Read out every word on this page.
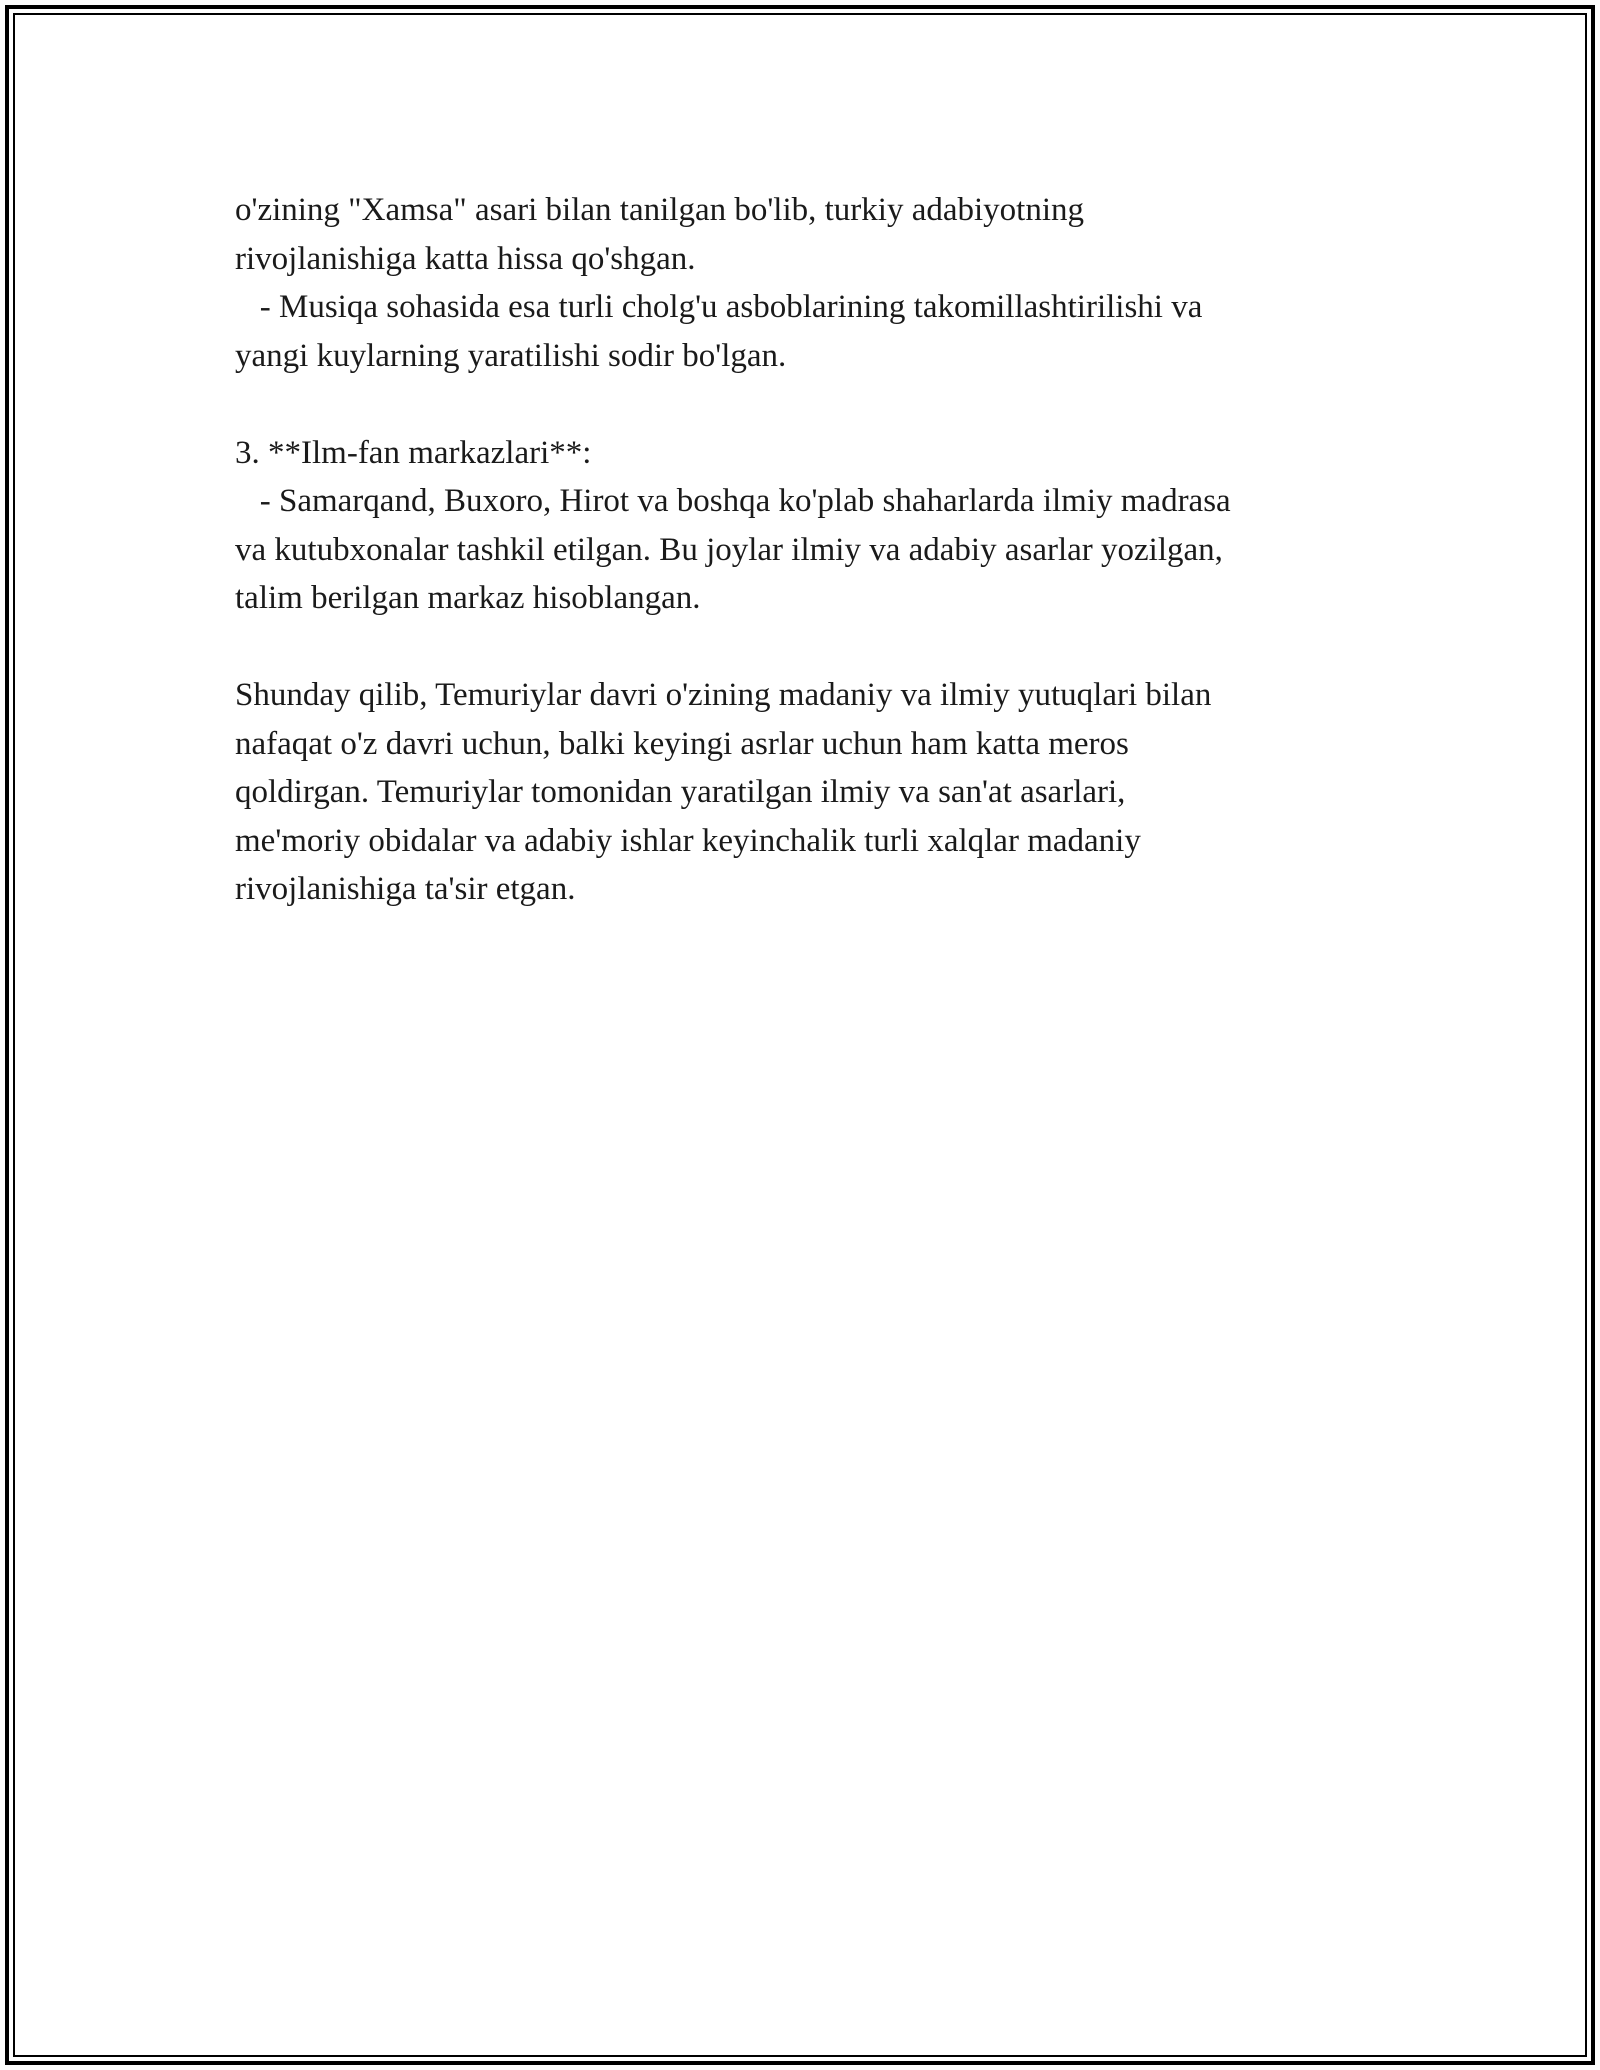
o'zining "Xamsa" asari bilan tanilgan bo'lib, turkiy adabiyotning

rivojlanishiga katta hissa qo'shgan.

- Musiqa sohasida esa turli cholg'u asboblarining takomillashtirilishi va

yangi kuylarning yaratilishi sodir bo'lgan.

3. **Ilm-fan markazlari**:

- Samarqand, Buxoro, Hirot va boshqa ko'plab shaharlarda ilmiy madrasa

va kutubxonalar tashkil etilgan. Bu joylar ilmiy va adabiy asarlar yozilgan,

talim berilgan markaz hisoblangan.

Shunday qilib, Temuriylar davri o'zining madaniy va ilmiy yutuqlari bilan

nafaqat o'z davri uchun, balki keyingi asrlar uchun ham katta meros

qoldirgan. Temuriylar tomonidan yaratilgan ilmiy va san'at asarlari,

me'moriy obidalar va adabiy ishlar keyinchalik turli xalqlar madaniy

rivojlanishiga ta'sir etgan.
